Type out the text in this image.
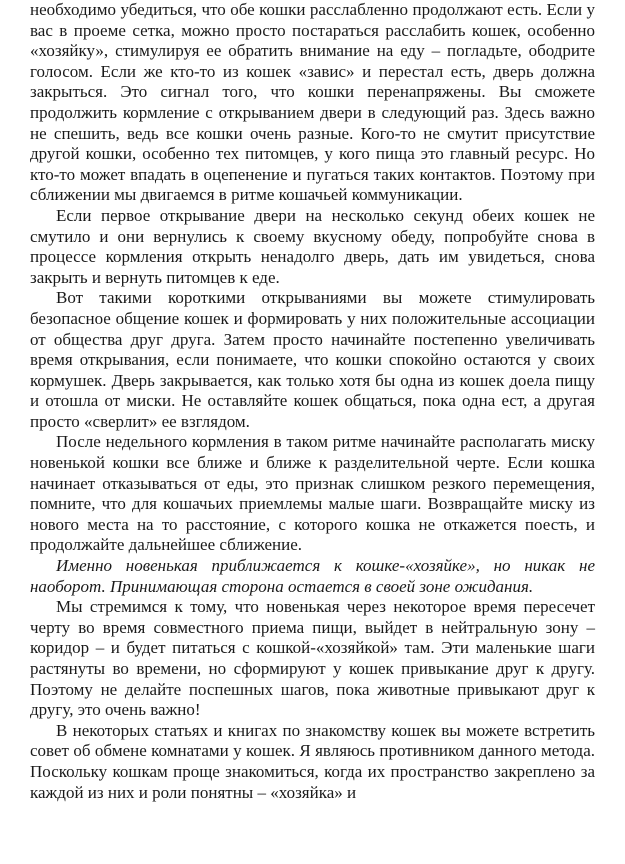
необходимо убедиться, что обе кошки расслабленно продолжают есть. Если у вас в проеме сетка, можно просто постараться расслабить кошек, особенно «хозяйку», стимулируя ее обратить внимание на еду – погладьте, ободрите голосом. Если же кто-то из кошек «завис» и перестал есть, дверь должна закрыться. Это сигнал того, что кошки перенапряжены. Вы сможете продолжить кормление с открыванием двери в следующий раз. Здесь важно не спешить, ведь все кошки очень разные. Кого-то не смутит присутствие другой кошки, особенно тех питомцев, у кого пища это главный ресурс. Но кто-то может впадать в оцепенение и пугаться таких контактов. Поэтому при сближении мы двигаемся в ритме кошачьей коммуникации.

Если первое открывание двери на несколько секунд обеих кошек не смутило и они вернулись к своему вкусному обеду, попробуйте снова в процессе кормления открыть ненадолго дверь, дать им увидеться, снова закрыть и вернуть питомцев к еде.

Вот такими короткими открываниями вы можете стимулировать безопасное общение кошек и формировать у них положительные ассоциации от общества друг друга. Затем просто начинайте постепенно увеличивать время открывания, если понимаете, что кошки спокойно остаются у своих кормушек. Дверь закрывается, как только хотя бы одна из кошек доела пищу и отошла от миски. Не оставляйте кошек общаться, пока одна ест, а другая просто «сверлит» ее взглядом.

После недельного кормления в таком ритме начинайте располагать миску новенькой кошки все ближе и ближе к разделительной черте. Если кошка начинает отказываться от еды, это признак слишком резкого перемещения, помните, что для кошачьих приемлемы малые шаги. Возвращайте миску из нового места на то расстояние, с которого кошка не откажется поесть, и продолжайте дальнейшее сближение.

Именно новенькая приближается к кошке-«хозяйке», но никак не наоборот. Принимающая сторона остается в своей зоне ожидания.

Мы стремимся к тому, что новенькая через некоторое время пересечет черту во время совместного приема пищи, выйдет в нейтральную зону – коридор – и будет питаться с кошкой-«хозяйкой» там. Эти маленькие шаги растянуты во времени, но сформируют у кошек привыкание друг к другу. Поэтому не делайте поспешных шагов, пока животные привыкают друг к другу, это очень важно!

В некоторых статьях и книгах по знакомству кошек вы можете встретить совет об обмене комнатами у кошек. Я являюсь противником данного метода. Поскольку кошкам проще знакомиться, когда их пространство закреплено за каждой из них и роли понятны – «хозяйка» и
